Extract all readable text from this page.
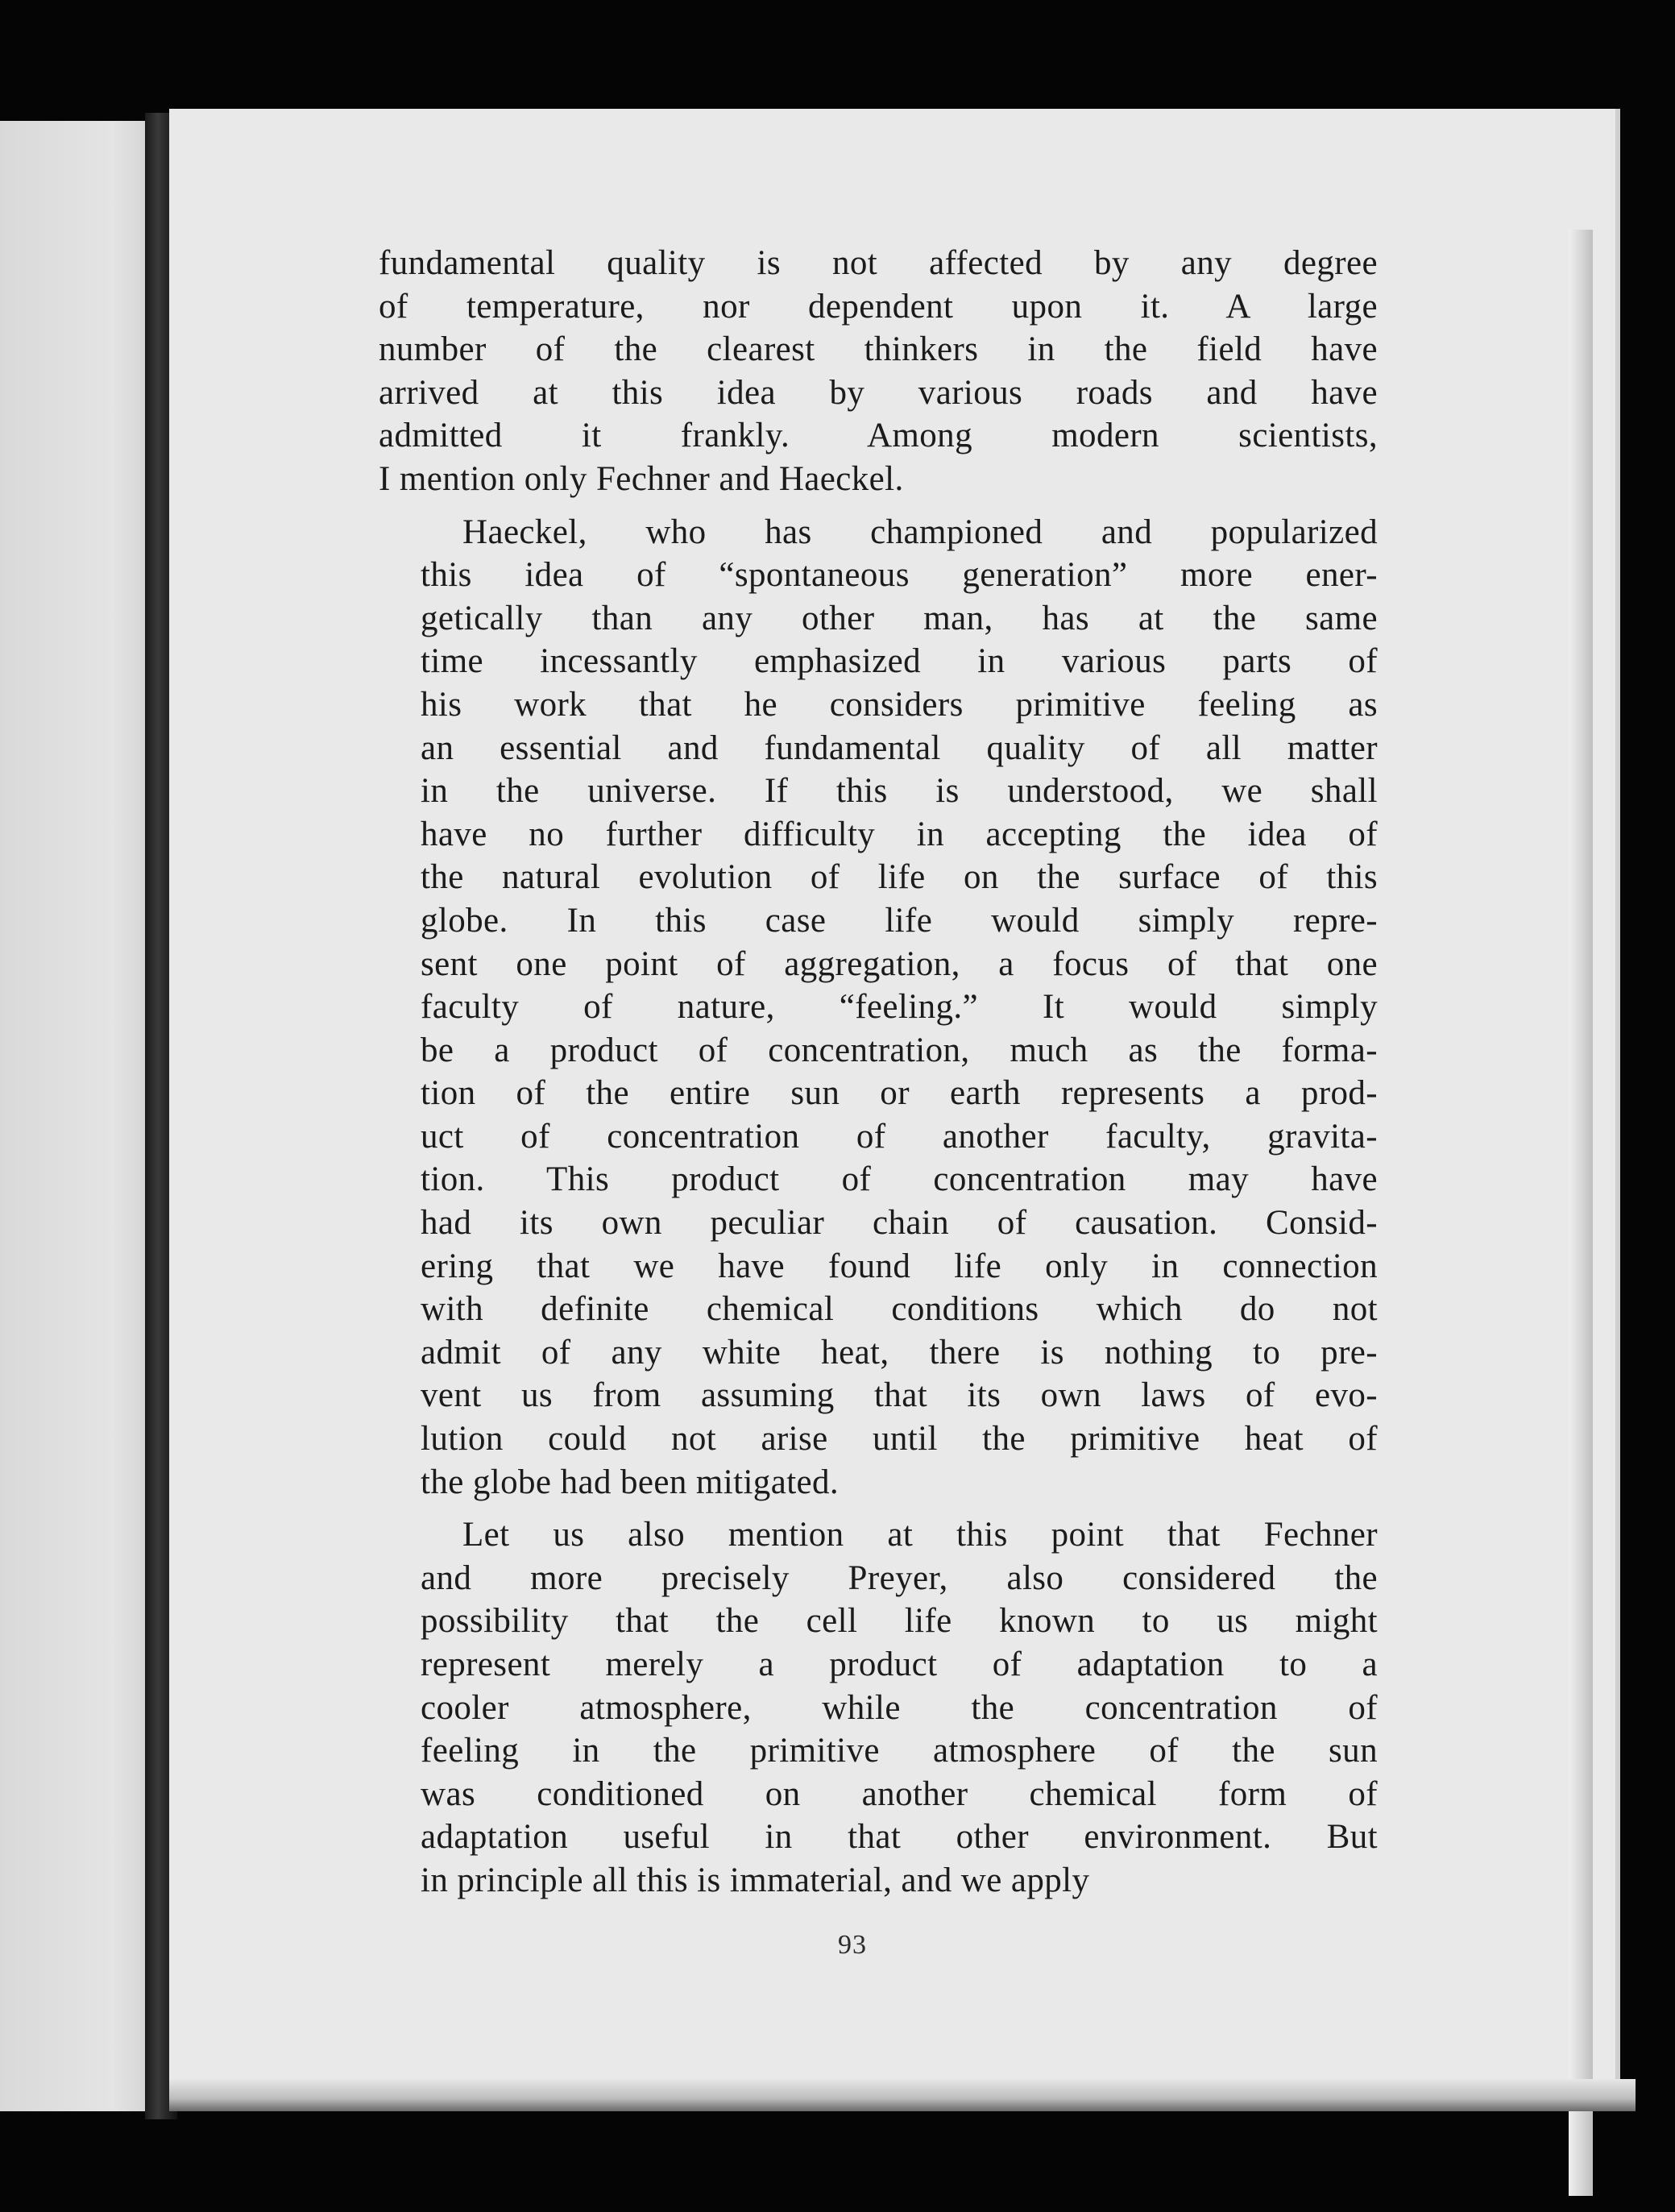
fundamental quality is not affected by any degree
of temperature, nor dependent upon it. A large
number of the clearest thinkers in the field have
arrived at this idea by various roads and have
admitted it frankly. Among modern scientists,
I mention only Fechner and Haeckel.
Haeckel, who has championed and popularized
this idea of “spontaneous generation” more ener-
getically than any other man, has at the same
time incessantly emphasized in various parts of
his work that he considers primitive feeling as
an essential and fundamental quality of all matter
in the universe. If this is understood, we shall
have no further difficulty in accepting the idea of
the natural evolution of life on the surface of this
globe. In this case life would simply repre-
sent one point of aggregation, a focus of that one
faculty of nature, “feeling.” It would simply
be a product of concentration, much as the forma-
tion of the entire sun or earth represents a prod-
uct of concentration of another faculty, gravita-
tion. This product of concentration may have
had its own peculiar chain of causation. Consid-
ering that we have found life only in connection
with definite chemical conditions which do not
admit of any white heat, there is nothing to pre-
vent us from assuming that its own laws of evo-
lution could not arise until the primitive heat of
the globe had been mitigated.
Let us also mention at this point that Fechner
and more precisely Preyer, also considered the
possibility that the cell life known to us might
represent merely a product of adaptation to a
cooler atmosphere, while the concentration of
feeling in the primitive atmosphere of the sun
was conditioned on another chemical form of
adaptation useful in that other environment. But
in principle all this is immaterial, and we apply
93
